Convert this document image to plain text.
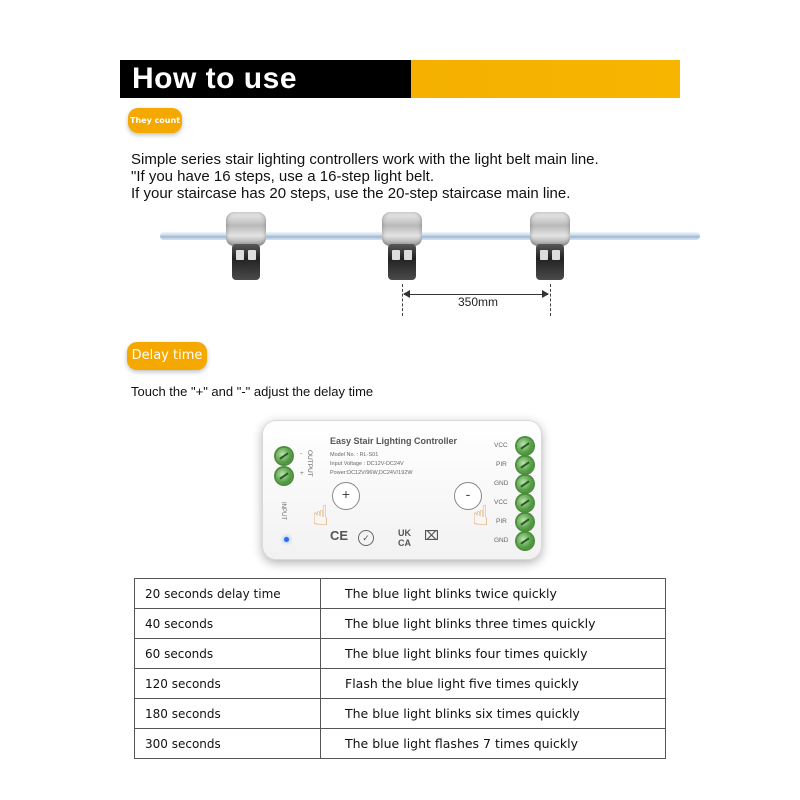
How to use
They count
Simple series stair lighting controllers work with the light belt main line.
"If you have 16 steps, use a 16-step light belt.
If your staircase has 20 steps, use the 20-step staircase main line.
350mm
Delay time
Touch the "+" and "-" adjust the delay time
-
+ OUTPUT
INPUT
Easy Stair Lighting Controller
Model No. : RL-S01
Input Voltage : DC12V-DC24V
Power:DC12V/96W,DC24V/192W
+	-
☝	☝
CE	✓	UK CA	⌧
VCC
PIR
GND
VCC
PIR
GND
20 seconds delay time	The blue light blinks twice quickly
40 seconds	The blue light blinks three times quickly
60 seconds	The blue light blinks four times quickly
120 seconds	Flash the blue light five times quickly
180 seconds	The blue light blinks six times quickly
300 seconds	The blue light flashes 7 times quickly
